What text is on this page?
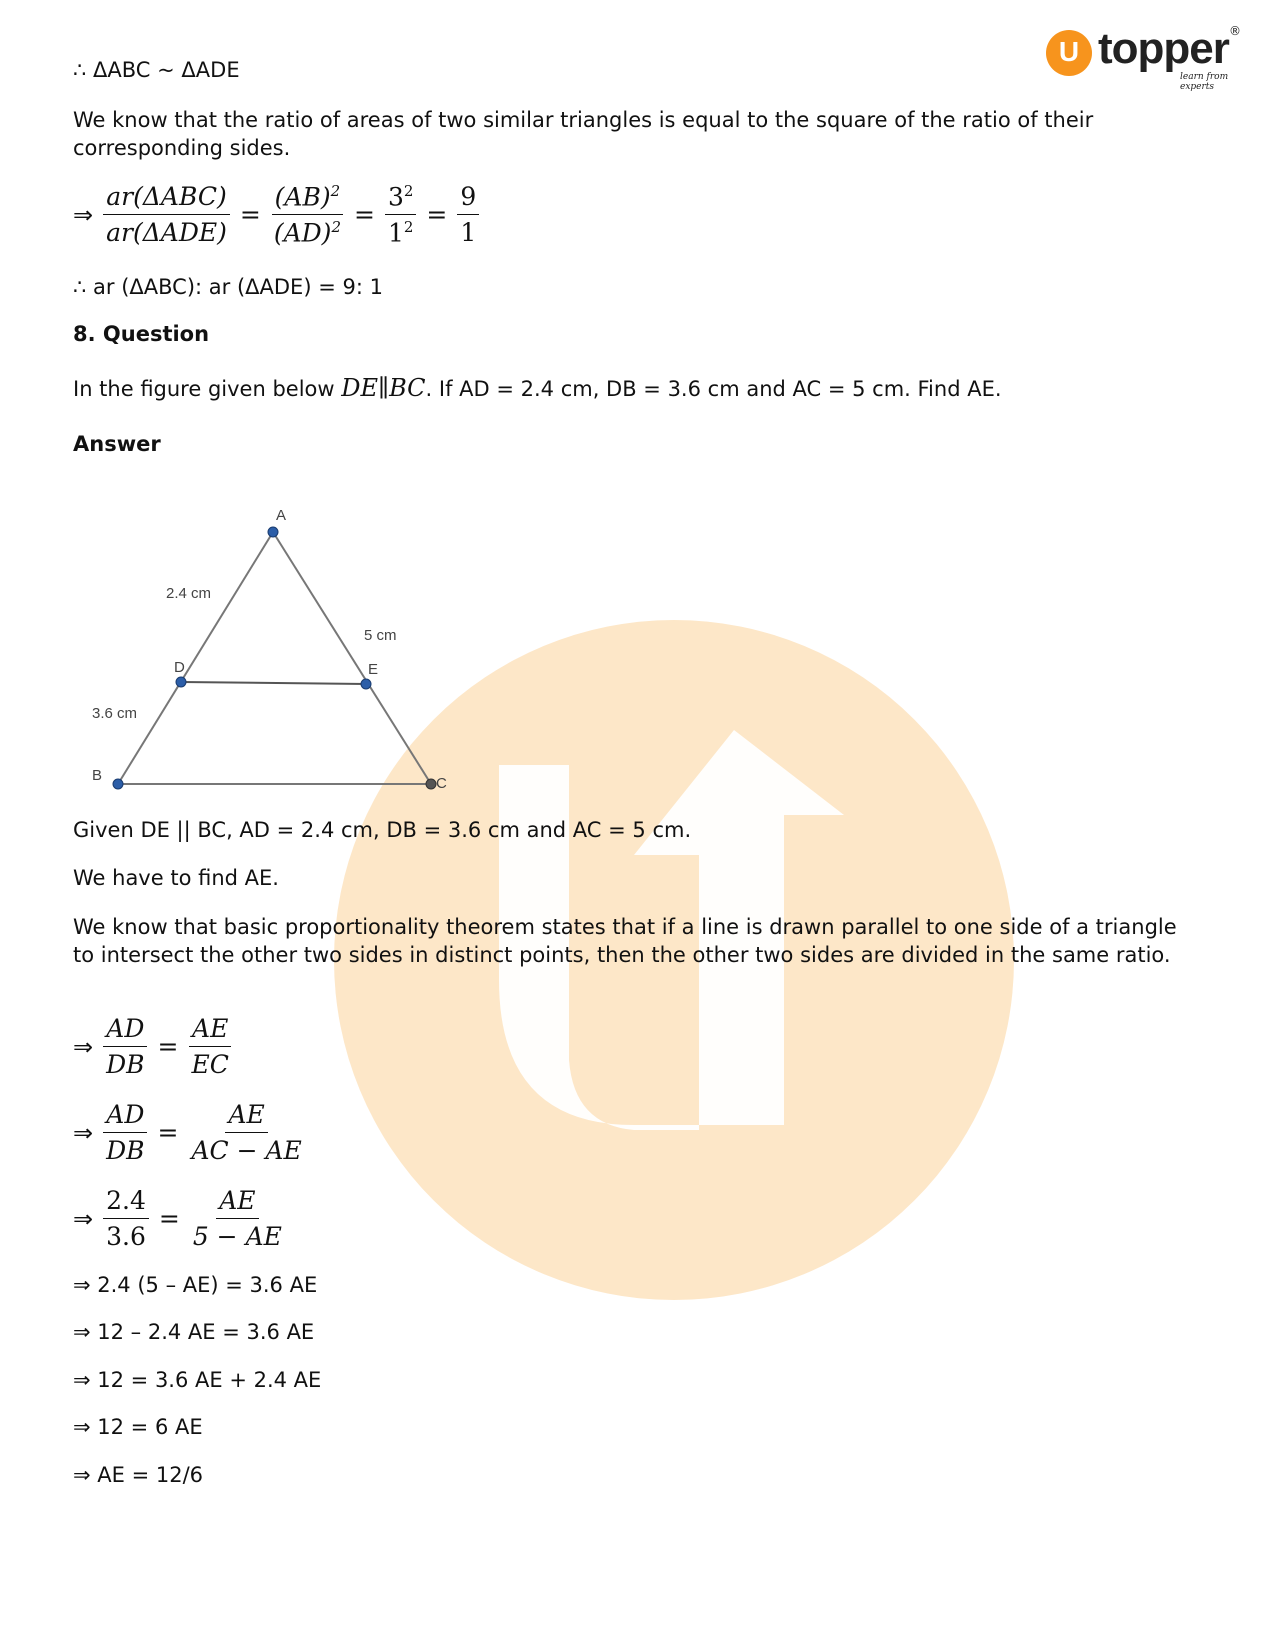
U topper ®
learn from experts
∴ ΔABC ~ ΔADE
We know that the ratio of areas of two similar triangles is equal to the square of the ratio of their corresponding sides.
⇒ $\frac{\text{ar(ΔABC)}}{\text{ar(ΔADE)}} = \frac{(AB)^2}{(AD)^2} = \frac{3^2}{1^2} = \frac{9}{1}$
∴ ar (ΔABC): ar (ΔADE) = 9: 1
8. Question
In the figure given below DE∥BC. If AD = 2.4 cm, DB = 3.6 cm and AC = 5 cm. Find AE.
Answer
A
B	C
D	E
2.4 cm
3.6 cm
5 cm
Given DE || BC, AD = 2.4 cm, DB = 3.6 cm and AC = 5 cm.
We have to find AE.
We know that basic proportionality theorem states that if a line is drawn parallel to one side of a triangle to intersect the other two sides in distinct points, then the other two sides are divided in the same ratio.
⇒ $\frac{AD}{DB} = \frac{AE}{EC}$
⇒ $\frac{AD}{DB} = \frac{AE}{AC - AE}$
⇒ $\frac{2.4}{3.6} = \frac{AE}{5 - AE}$
⇒ 2.4 (5 – AE) = 3.6 AE
⇒ 12 – 2.4 AE = 3.6 AE
⇒ 12 = 3.6 AE + 2.4 AE
⇒ 12 = 6 AE
⇒ AE = 12/6
